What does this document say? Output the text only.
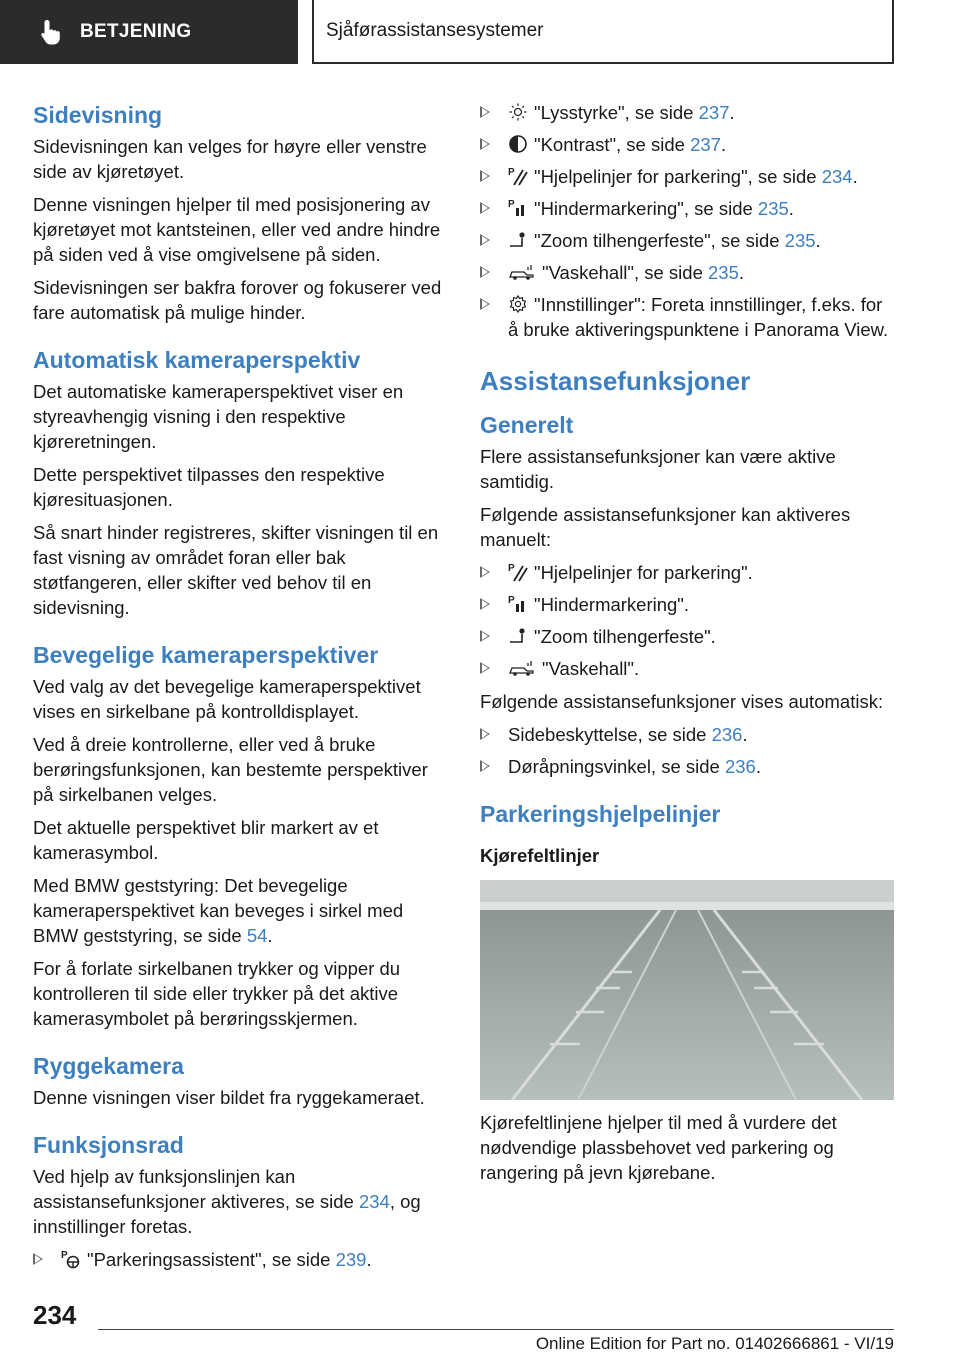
BETJENING	Sjåførassistansesystemer
Sidevisning

Sidevisningen kan velges for høyre eller venstre side av kjøretøyet.

Denne visningen hjelper til med posisjonering av kjøretøyet mot kantsteinen, eller ved andre hindre på siden ved å vise omgivelsene på siden.

Sidevisningen ser bakfra forover og fokuserer ved fare automatisk på mulige hinder.

Automatisk kameraperspektiv

Det automatiske kameraperspektivet viser en styreavhengig visning i den respektive kjøreretningen.

Dette perspektivet tilpasses den respektive kjøresituasjonen.

Så snart hinder registreres, skifter visningen til en fast visning av området foran eller bak støtfangeren, eller skifter ved behov til en sidevisning.

Bevegelige kameraperspektiver

Ved valg av det bevegelige kameraperspektivet vises en sirkelbane på kontrolldisplayet.

Ved å dreie kontrollerne, eller ved å bruke berøringsfunksjonen, kan bestemte perspektiver på sirkelbanen velges.

Det aktuelle perspektivet blir markert av et kamerasymbol.

Med BMW geststyring: Det bevegelige kameraperspektivet kan beveges i sirkel med BMW geststyring, se side 54.

For å forlate sirkelbanen trykker og vipper du kontrolleren til side eller trykker på det aktive kamerasymbolet på berøringsskjermen.

Ryggekamera

Denne visningen viser bildet fra ryggekameraet.

Funksjonsrad

Ved hjelp av funksjonslinjen kan assistansefunksjoner aktiveres, se side 234, og innstillinger foretas.

P "Parkeringsassistent", se side 239.
"Lysstyrke", se side 237.
"Kontrast", se side 237.
P "Hjelpelinjer for parkering", se side 234.
P "Hindermarkering", se side 235.
"Zoom tilhengerfeste", se side 235.
"Vaskehall", se side 235.
"Innstillinger": Foreta innstillinger, f.eks. for å bruke aktiveringspunktene i Panorama View.
Assistansefunksjoner
Generelt

Flere assistansefunksjoner kan være aktive samtidig.

Følgende assistansefunksjoner kan aktiveres manuelt:

P "Hjelpelinjer for parkering".
P "Hindermarkering".
"Zoom tilhengerfeste".
"Vaskehall".

Følgende assistansefunksjoner vises automatisk:

Sidebeskyttelse, se side 236.
Døråpningsvinkel, se side 236.
Parkeringshjelpelinjer
Kjørefeltlinjer

Kjørefeltlinjene hjelper til med å vurdere det nødvendige plassbehovet ved parkering og rangering på jevn kjørebane.

234
Online Edition for Part no. 01402666861 - VI/19
